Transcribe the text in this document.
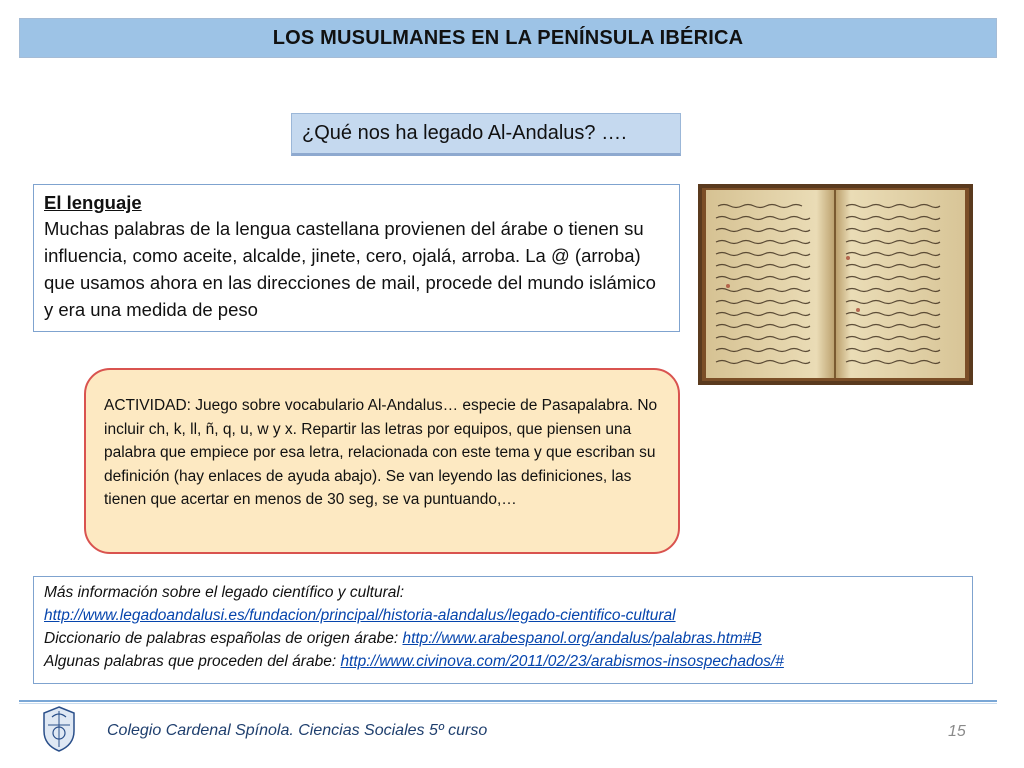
LOS MUSULMANES EN LA PENÍNSULA IBÉRICA
¿Qué nos ha legado Al-Andalus? ….
El lenguaje
Muchas palabras de la lengua castellana provienen del árabe o tienen su influencia, como aceite, alcalde, jinete, cero, ojalá, arroba. La @ (arroba) que usamos ahora en las direcciones de mail, procede del mundo islámico y era una medida de peso
ACTIVIDAD: Juego sobre vocabulario Al-Andalus… especie de Pasapalabra. No incluir ch, k, ll, ñ, q, u, w y x. Repartir las letras por equipos, que piensen una palabra que empiece por esa letra, relacionada con este tema y que escriban su definición (hay enlaces de ayuda abajo). Se van leyendo las definiciones, las tienen que acertar en menos de 30 seg, se va puntuando,…
Más información sobre el legado científico y cultural:
http://www.legadoandalusi.es/fundacion/principal/historia-alandalus/legado-cientifico-cultural
Diccionario de palabras españolas de origen árabe: http://www.arabespanol.org/andalus/palabras.htm#B
Algunas palabras que proceden del árabe: http://www.civinova.com/2011/02/23/arabismos-insospechados/#
Colegio Cardenal Spínola. Ciencias Sociales 5º curso	15
